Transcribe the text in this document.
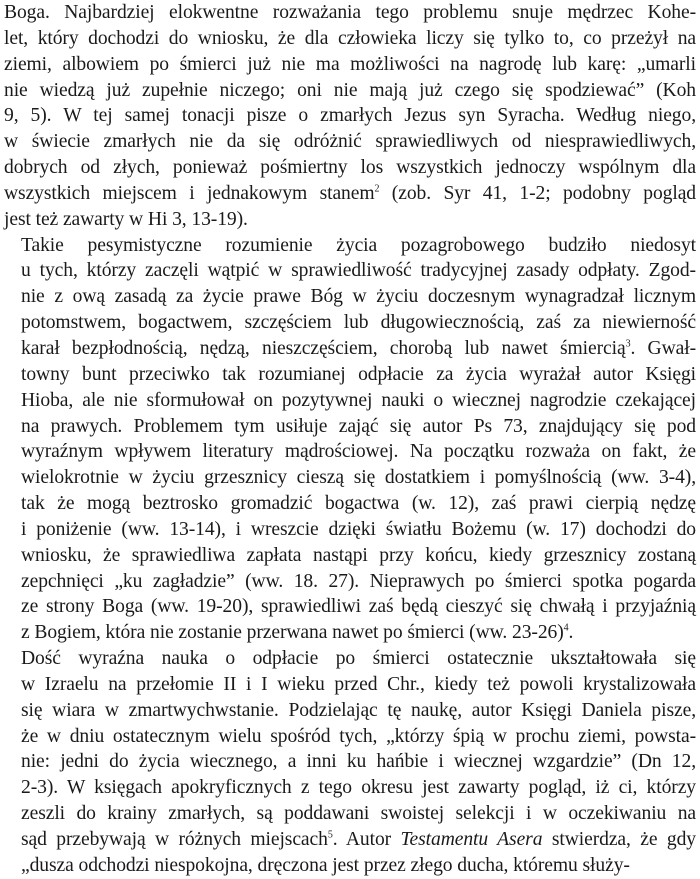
Boga. Najbardziej elokwentne rozważania tego problemu snuje mędrzec Kohe-
let, który dochodzi do wniosku, że dla człowieka liczy się tylko to, co przeżył na
ziemi, albowiem po śmierci już nie ma możliwości na nagrodę lub karę: „umarli
nie wiedzą już zupełnie niczego; oni nie mają już czego się spodziewać” (Koh
9, 5). W tej samej tonacji pisze o zmarłych Jezus syn Syracha. Według niego,
w świecie zmarłych nie da się odróżnić sprawiedliwych od niesprawiedliwych,
dobrych od złych, ponieważ pośmiertny los wszystkich jednoczy wspólnym dla
wszystkich miejscem i jednakowym stanem$^2$ (zob. Syr 41, 1-2; podobny pogląd
jest też zawarty w Hi 3, 13-19).
Takie pesymistyczne rozumienie życia pozagrobowego budziło niedosyt
u tych, którzy zaczęli wątpić w sprawiedliwość tradycyjnej zasady odpłaty. Zgod-
nie z ową zasadą za życie prawe Bóg w życiu doczesnym wynagradzał licznym
potomstwem, bogactwem, szczęściem lub długowiecznością, zaś za niewierność
karał bezpłodnością, nędzą, nieszczęściem, chorobą lub nawet śmiercią$^3$. Gwał-
towny bunt przeciwko tak rozumianej odpłacie za życia wyrażał autor Księgi
Hioba, ale nie sformułował on pozytywnej nauki o wiecznej nagrodzie czekającej
na prawych. Problemem tym usiłuje zająć się autor Ps 73, znajdujący się pod
wyraźnym wpływem literatury mądrościowej. Na początku rozważa on fakt, że
wielokrotnie w życiu grzesznicy cieszą się dostatkiem i pomyślnością (ww. 3-4),
tak że mogą beztrosko gromadzić bogactwa (w. 12), zaś prawi cierpią nędzę
i poniżenie (ww. 13-14), i wreszcie dzięki światłu Bożemu (w. 17) dochodzi do
wniosku, że sprawiedliwa zapłata nastąpi przy końcu, kiedy grzesznicy zostaną
zepchnięci „ku zagładzie” (ww. 18. 27). Nieprawych po śmierci spotka pogarda
ze strony Boga (ww. 19-20), sprawiedliwi zaś będą cieszyć się chwałą i przyjaźnią
z Bogiem, która nie zostanie przerwana nawet po śmierci (ww. 23-26)$^4$.
Dość wyraźna nauka o odpłacie po śmierci ostatecznie ukształtowała się
w Izraelu na przełomie II i I wieku przed Chr., kiedy też powoli krystalizowała
się wiara w zmartwychwstanie. Podzielając tę naukę, autor Księgi Daniela pisze,
że w dniu ostatecznym wielu spośród tych, „którzy śpią w prochu ziemi, powsta-
nie: jedni do życia wiecznego, a inni ku hańbie i wiecznej wzgardzie” (Dn 12,
2-3). W księgach apokryficznych z tego okresu jest zawarty pogląd, iż ci, którzy
zeszli do krainy zmarłych, są poddawani swoistej selekcji i w oczekiwaniu na
sąd przebywają w różnych miejscach$^5$. Autor Testamentu Asera stwierdza, że gdy
„dusza odchodzi niespokojna, dręczona jest przez złego ducha, któremu służy-
